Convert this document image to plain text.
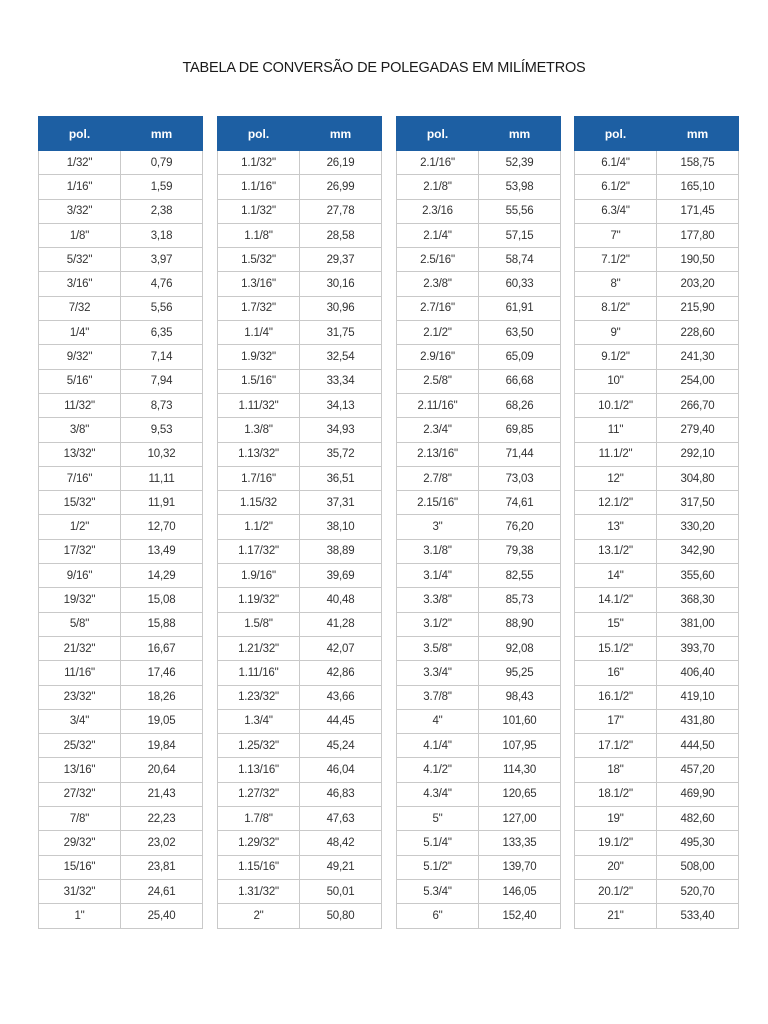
TABELA DE CONVERSÃO DE POLEGADAS EM MILÍMETROS
pol.	mm
1/32"	0,79
1/16"	1,59
3/32"	2,38
1/8"	3,18
5/32"	3,97
3/16"	4,76
7/32	5,56
1/4"	6,35
9/32"	7,14
5/16"	7,94
11/32"	8,73
3/8"	9,53
13/32"	10,32
7/16"	11,11
15/32"	11,91
1/2"	12,70
17/32"	13,49
9/16"	14,29
19/32"	15,08
5/8"	15,88
21/32"	16,67
11/16"	17,46
23/32"	18,26
3/4"	19,05
25/32"	19,84
13/16"	20,64
27/32"	21,43
7/8"	22,23
29/32"	23,02
15/16"	23,81
31/32"	24,61
1"	25,40
pol.	mm
1.1/32"	26,19
1.1/16"	26,99
1.1/32"	27,78
1.1/8"	28,58
1.5/32"	29,37
1.3/16"	30,16
1.7/32"	30,96
1.1/4"	31,75
1.9/32"	32,54
1.5/16"	33,34
1.11/32"	34,13
1.3/8"	34,93
1.13/32"	35,72
1.7/16"	36,51
1.15/32	37,31
1.1/2"	38,10
1.17/32"	38,89
1.9/16"	39,69
1.19/32"	40,48
1.5/8"	41,28
1.21/32"	42,07
1.11/16"	42,86
1.23/32"	43,66
1.3/4"	44,45
1.25/32"	45,24
1.13/16"	46,04
1.27/32"	46,83
1.7/8"	47,63
1.29/32"	48,42
1.15/16"	49,21
1.31/32"	50,01
2"	50,80
pol.	mm
2.1/16"	52,39
2.1/8"	53,98
2.3/16	55,56
2.1/4"	57,15
2.5/16"	58,74
2.3/8"	60,33
2.7/16"	61,91
2.1/2"	63,50
2.9/16"	65,09
2.5/8"	66,68
2.11/16"	68,26
2.3/4"	69,85
2.13/16"	71,44
2.7/8"	73,03
2.15/16"	74,61
3"	76,20
3.1/8"	79,38
3.1/4"	82,55
3.3/8"	85,73
3.1/2"	88,90
3.5/8"	92,08
3.3/4"	95,25
3.7/8"	98,43
4"	101,60
4.1/4"	107,95
4.1/2"	114,30
4.3/4"	120,65
5"	127,00
5.1/4"	133,35
5.1/2"	139,70
5.3/4"	146,05
6"	152,40
pol.	mm
6.1/4"	158,75
6.1/2"	165,10
6.3/4"	171,45
7"	177,80
7.1/2"	190,50
8"	203,20
8.1/2"	215,90
9"	228,60
9.1/2"	241,30
10"	254,00
10.1/2"	266,70
11"	279,40
11.1/2"	292,10
12"	304,80
12.1/2"	317,50
13"	330,20
13.1/2"	342,90
14"	355,60
14.1/2"	368,30
15"	381,00
15.1/2"	393,70
16"	406,40
16.1/2"	419,10
17"	431,80
17.1/2"	444,50
18"	457,20
18.1/2"	469,90
19"	482,60
19.1/2"	495,30
20"	508,00
20.1/2"	520,70
21"	533,40
